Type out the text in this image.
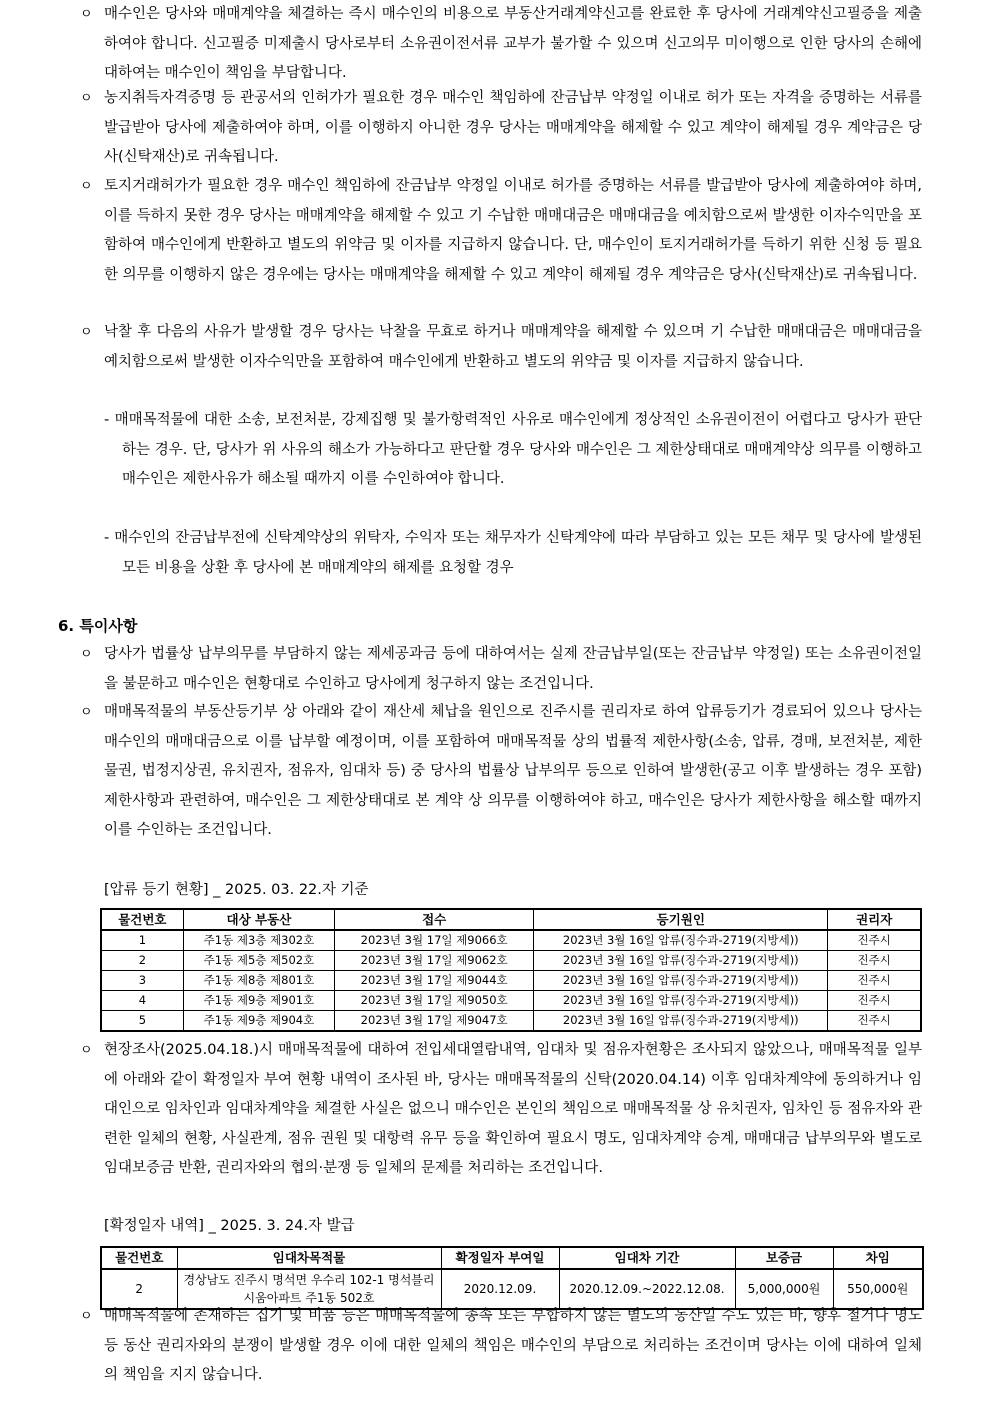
ㅇ 매수인은 당사와 매매계약을 체결하는 즉시 매수인의 비용으로 부동산거래계약신고를 완료한 후 당사에 거래계약신고필증을 제출하여야 합니다. 신고필증 미제출시 당사로부터 소유권이전서류 교부가 불가할 수 있으며 신고의무 미이행으로 인한 당사의 손해에 대하여는 매수인이 책임을 부담합니다.

ㅇ 농지취득자격증명 등 관공서의 인허가가 필요한 경우 매수인 책임하에 잔금납부 약정일 이내로 허가 또는 자격을 증명하는 서류를 발급받아 당사에 제출하여야 하며, 이를 이행하지 아니한 경우 당사는 매매계약을 해제할 수 있고 계약이 해제될 경우 계약금은 당사(신탁재산)로 귀속됩니다.

ㅇ 토지거래허가가 필요한 경우 매수인 책임하에 잔금납부 약정일 이내로 허가를 증명하는 서류를 발급받아 당사에 제출하여야 하며, 이를 득하지 못한 경우 당사는 매매계약을 해제할 수 있고 기 수납한 매매대금은 매매대금을 예치함으로써 발생한 이자수익만을 포함하여 매수인에게 반환하고 별도의 위약금 및 이자를 지급하지 않습니다. 단, 매수인이 토지거래허가를 득하기 위한 신청 등 필요한 의무를 이행하지 않은 경우에는 당사는 매매계약을 해제할 수 있고 계약이 해제될 경우 계약금은 당사(신탁재산)로 귀속됩니다.

ㅇ 낙찰 후 다음의 사유가 발생할 경우 당사는 낙찰을 무효로 하거나 매매계약을 해제할 수 있으며 기 수납한 매매대금은 매매대금을 예치함으로써 발생한 이자수익만을 포함하여 매수인에게 반환하고 별도의 위약금 및 이자를 지급하지 않습니다.

- 매매목적물에 대한 소송, 보전처분, 강제집행 및 불가항력적인 사유로 매수인에게 정상적인 소유권이전이 어렵다고 당사가 판단하는 경우. 단, 당사가 위 사유의 해소가 가능하다고 판단할 경우 당사와 매수인은 그 제한상태대로 매매계약상 의무를 이행하고 매수인은 제한사유가 해소될 때까지 이를 수인하여야 합니다.

- 매수인의 잔금납부전에 신탁계약상의 위탁자, 수익자 또는 채무자가 신탁계약에 따라 부담하고 있는 모든 채무 및 당사에 발생된 모든 비용을 상환 후 당사에 본 매매계약의 해제를 요청할 경우

6. 특이사항
ㅇ 당사가 법률상 납부의무를 부담하지 않는 제세공과금 등에 대하여서는 실제 잔금납부일(또는 잔금납부 약정일) 또는 소유권이전일을 불문하고 매수인은 현황대로 수인하고 당사에게 청구하지 않는 조건입니다.

ㅇ 매매목적물의 부동산등기부 상 아래와 같이 재산세 체납을 원인으로 진주시를 권리자로 하여 압류등기가 경료되어 있으나 당사는 매수인의 매매대금으로 이를 납부할 예정이며, 이를 포함하여 매매목적물 상의 법률적 제한사항(소송, 압류, 경매, 보전처분, 제한물권, 법정지상권, 유치권자, 점유자, 임대차 등) 중 당사의 법률상 납부의무 등으로 인하여 발생한(공고 이후 발생하는 경우 포함) 제한사항과 관련하여, 매수인은 그 제한상태대로 본 계약 상 의무를 이행하여야 하고, 매수인은 당사가 제한사항을 해소할 때까지 이를 수인하는 조건입니다.

[압류 등기 현황] _ 2025. 03. 22.자 기준
물건번호	대상 부동산	접수	등기원인	권리자
1	주1동 제3층 제302호	2023년 3월 17일 제9066호	2023년 3월 16일 압류(징수과-2719(지방세))	진주시
2	주1동 제5층 제502호	2023년 3월 17일 제9062호	2023년 3월 16일 압류(징수과-2719(지방세))	진주시
3	주1동 제8층 제801호	2023년 3월 17일 제9044호	2023년 3월 16일 압류(징수과-2719(지방세))	진주시
4	주1동 제9층 제901호	2023년 3월 17일 제9050호	2023년 3월 16일 압류(징수과-2719(지방세))	진주시
5	주1동 제9층 제904호	2023년 3월 17일 제9047호	2023년 3월 16일 압류(징수과-2719(지방세))	진주시
ㅇ 현장조사(2025.04.18.)시 매매목적물에 대하여 전입세대열람내역, 임대차 및 점유자현황은 조사되지 않았으나, 매매목적물 일부에 아래와 같이 확정일자 부여 현황 내역이 조사된 바, 당사는 매매목적물의 신탁(2020.04.14) 이후 임대차계약에 동의하거나 임대인으로 임차인과 임대차계약을 체결한 사실은 없으니 매수인은 본인의 책임으로 매매목적물 상 유치권자, 임차인 등 점유자와 관련한 일체의 현황, 사실관계, 점유 권원 및 대항력 유무 등을 확인하여 필요시 명도, 임대차계약 승계, 매매대금 납부의무와 별도로 임대보증금 반환, 권리자와의 협의·분쟁 등 일체의 문제를 처리하는 조건입니다.

[확정일자 내역] _ 2025. 3. 24.자 발급
물건번호	임대차목적물	확정일자 부여일	임대차 기간	보증금	차임
2	경상남도 진주시 명석면 우수리 102-1 명석블리시움아파트 주1동 502호	2020.12.09.	2020.12.09.~2022.12.08.	5,000,000원	550,000원
ㅇ 매매목적물에 존재하는 집기 및 비품 등은 매매목적물에 종속 또는 부합하지 않는 별도의 동산일 수도 있는 바, 향후 철거나 명도 등 동산 권리자와의 분쟁이 발생할 경우 이에 대한 일체의 책임은 매수인의 부담으로 처리하는 조건이며 당사는 이에 대하여 일체의 책임을 지지 않습니다.
